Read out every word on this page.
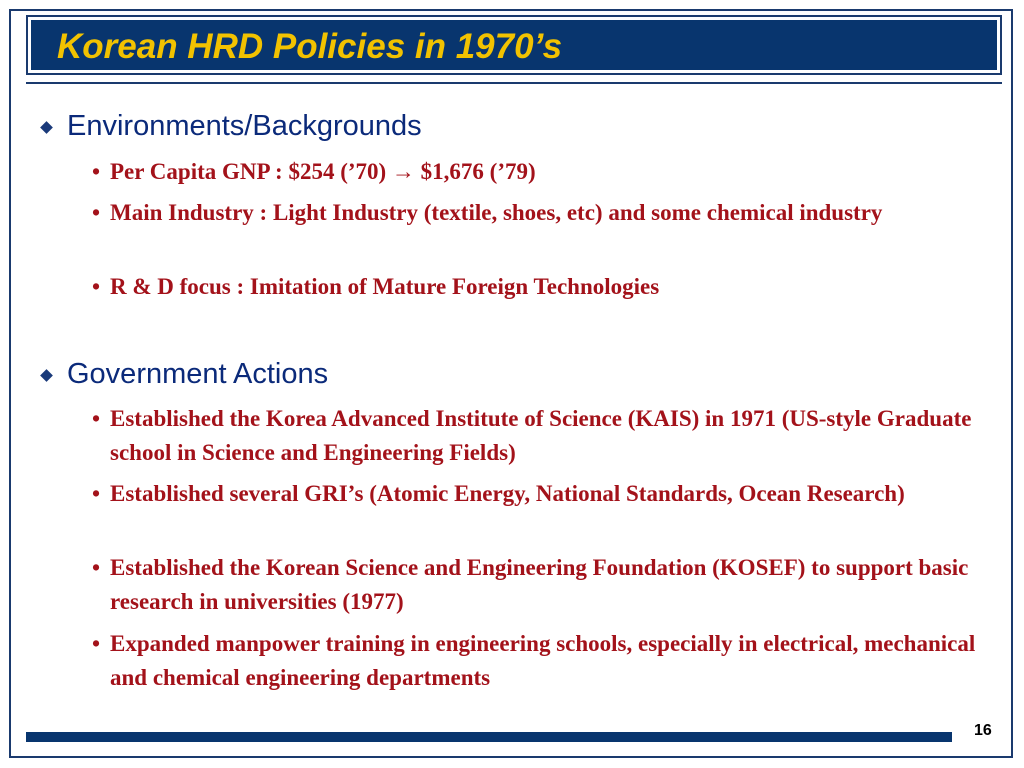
Korean HRD Policies in 1970’s
Environments/Backgrounds
• Per Capita GNP : $254 (’70) → $1,676 (’79)
• Main Industry : Light Industry (textile, shoes, etc) and some chemical industry
• R & D focus : Imitation of Mature Foreign Technologies
Government Actions
• Established the Korea Advanced Institute of Science (KAIS) in 1971 (US-style Graduate school in Science and Engineering Fields)
• Established several GRI’s (Atomic Energy, National Standards, Ocean Research)
• Established the Korean Science and Engineering Foundation (KOSEF) to support basic research in universities (1977)
• Expanded manpower training in engineering schools, especially in electrical, mechanical and chemical engineering departments
16
